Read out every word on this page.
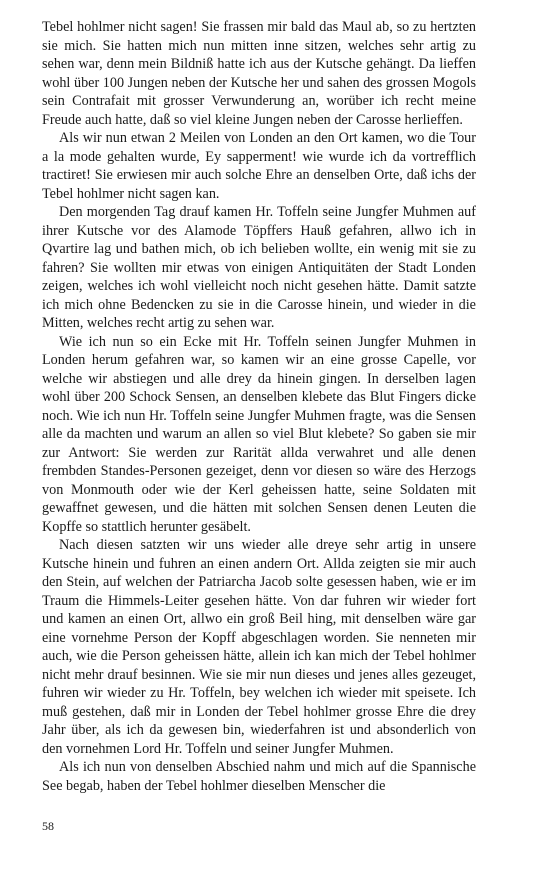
Tebel hohlmer nicht sagen! Sie frassen mir bald das Maul ab, so zu hertzten sie mich. Sie hatten mich nun mitten inne sitzen, welches sehr artig zu sehen war, denn mein Bildniß hatte ich aus der Kutsche gehängt. Da lieffen wohl über 100 Jungen neben der Kutsche her und sahen des grossen Mogols sein Contrafait mit grosser Verwunderung an, worüber ich recht meine Freude auch hatte, daß so viel kleine Jungen neben der Carosse herlieffen.

Als wir nun etwan 2 Meilen von Londen an den Ort kamen, wo die Tour a la mode gehalten wurde, Ey sapperment! wie wurde ich da vortrefflich tractiret! Sie erwiesen mir auch solche Ehre an denselben Orte, daß ichs der Tebel hohlmer nicht sagen kan.

Den morgenden Tag drauf kamen Hr. Toffeln seine Jungfer Muhmen auf ihrer Kutsche vor des Alamode Töpffers Hauß gefahren, allwo ich in Qvartire lag und bathen mich, ob ich belieben wollte, ein wenig mit sie zu fahren? Sie wollten mir etwas von einigen Antiquitäten der Stadt Londen zeigen, welches ich wohl vielleicht noch nicht gesehen hätte. Damit satzte ich mich ohne Bedencken zu sie in die Carosse hinein, und wieder in die Mitten, welches recht artig zu sehen war.

Wie ich nun so ein Ecke mit Hr. Toffeln seinen Jungfer Muhmen in Londen herum gefahren war, so kamen wir an eine grosse Capelle, vor welche wir abstiegen und alle drey da hinein gingen. In derselben lagen wohl über 200 Schock Sensen, an denselben klebete das Blut Fingers dicke noch. Wie ich nun Hr. Toffeln seine Jungfer Muhmen fragte, was die Sensen alle da machten und warum an allen so viel Blut klebete? So gaben sie mir zur Antwort: Sie werden zur Rarität allda verwahret und alle denen frembden Standes-Personen gezeiget, denn vor diesen so wäre des Herzogs von Monmouth oder wie der Kerl geheissen hatte, seine Soldaten mit gewaffnet gewesen, und die hätten mit solchen Sensen denen Leuten die Kopffe so stattlich herunter gesäbelt.

Nach diesen satzten wir uns wieder alle dreye sehr artig in unsere Kutsche hinein und fuhren an einen andern Ort. Allda zeigten sie mir auch den Stein, auf welchen der Patriarcha Jacob solte gesessen haben, wie er im Traum die Himmels-Leiter gesehen hätte. Von dar fuhren wir wieder fort und kamen an einen Ort, allwo ein groß Beil hing, mit denselben wäre gar eine vornehme Person der Kopff abgeschlagen worden. Sie nenneten mir auch, wie die Person geheissen hätte, allein ich kan mich der Tebel hohlmer nicht mehr drauf besinnen. Wie sie mir nun dieses und jenes alles gezeuget, fuhren wir wieder zu Hr. Toffeln, bey welchen ich wieder mit speisete. Ich muß gestehen, daß mir in Londen der Tebel hohlmer grosse Ehre die drey Jahr über, als ich da gewesen bin, wiederfahren ist und absonderlich von den vornehmen Lord Hr. Toffeln und seiner Jungfer Muhmen.

Als ich nun von denselben Abschied nahm und mich auf die Spannische See begab, haben der Tebel hohlmer dieselben Menscher die

58
